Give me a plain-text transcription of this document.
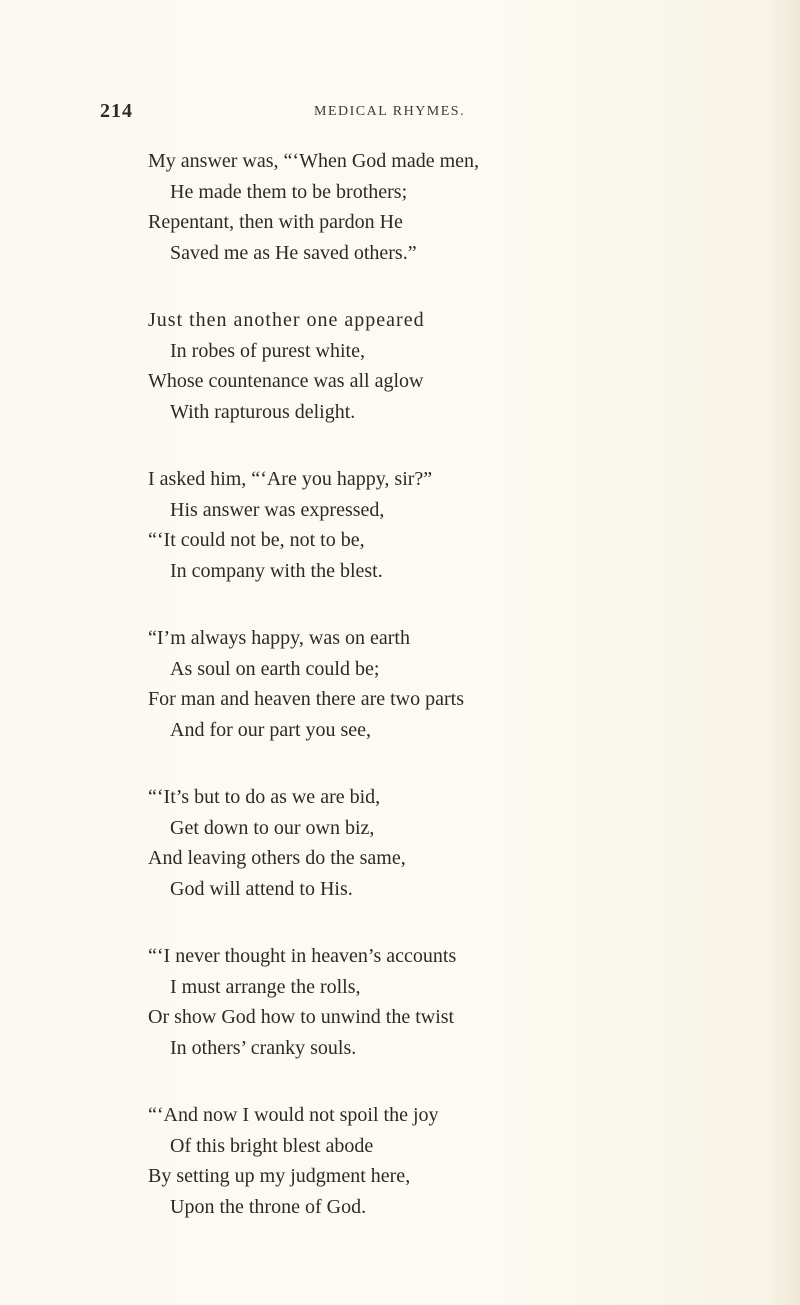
214	MEDICAL RHYMES.
My answer was, “‘When God made men,
He made them to be brothers;
Repentant, then with pardon He
Saved me as He saved others.”
Just then another one appeared
In robes of purest white,
Whose countenance was all aglow
With rapturous delight.
I asked him, “‘Are you happy, sir?”
His answer was expressed,
“‘It could not be, not to be,
In company with the blest.
“I’m always happy, was on earth
As soul on earth could be;
For man and heaven there are two parts
And for our part you see,
“‘It’s but to do as we are bid,
Get down to our own biz,
And leaving others do the same,
God will attend to His.
“‘I never thought in heaven’s accounts
I must arrange the rolls,
Or show God how to unwind the twist
In others’ cranky souls.
“‘And now I would not spoil the joy
Of this bright blest abode
By setting up my judgment here,
Upon the throne of God.
